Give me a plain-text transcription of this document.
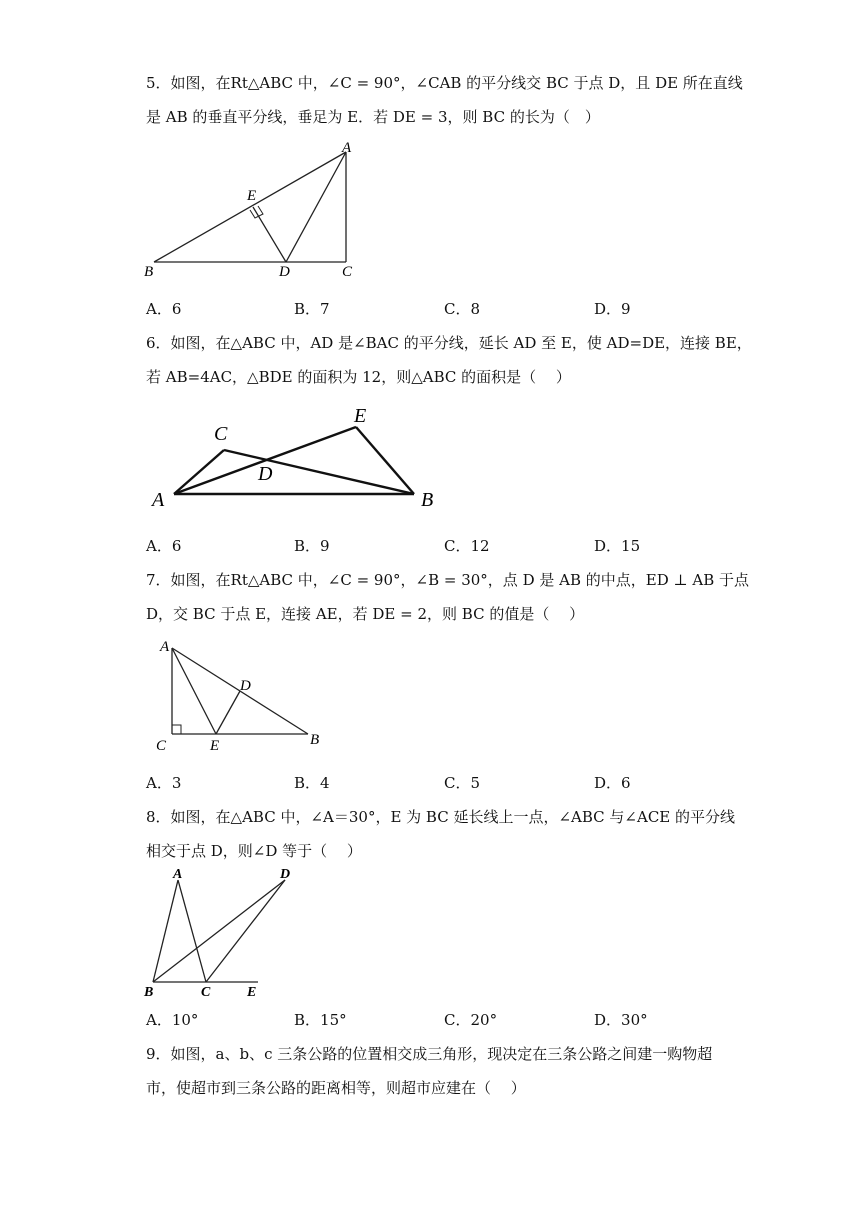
5．如图，在Rt△ABC 中，∠C = 90°，∠CAB 的平分线交 BC 于点 D，且 DE 所在直线
是 AB 的垂直平分线，垂足为 E．若 DE = 3，则 BC 的长为（　）
A
B	C
D
E
A．6	B．7	C．8	D．9
6．如图，在△ABC 中，AD 是∠BAC 的平分线，延长 AD 至 E，使 AD=DE，连接 BE，
若 AB=4AC，△BDE 的面积为 12，则△ABC 的面积是（　 ）
A	B
C
D
E
A．6	B．9	C．12	D．15
7．如图，在Rt△ABC 中，∠C = 90°，∠B = 30°，点 D 是 AB 的中点，ED ⊥ AB 于点
D，交 BC 于点 E，连接 AE，若 DE = 2，则 BC 的值是（　 ）
A
B
C
D
E
A．3	B．4	C．5	D．6
8．如图，在△ABC 中，∠A＝30°，E 为 BC 延长线上一点，∠ABC 与∠ACE 的平分线
相交于点 D，则∠D 等于（　 ）
A
B	C
D
E
A．10°	B．15°	C．20°	D．30°
9．如图，a、b、c 三条公路的位置相交成三角形，现决定在三条公路之间建一购物超
市，使超市到三条公路的距离相等，则超市应建在（　 ）
